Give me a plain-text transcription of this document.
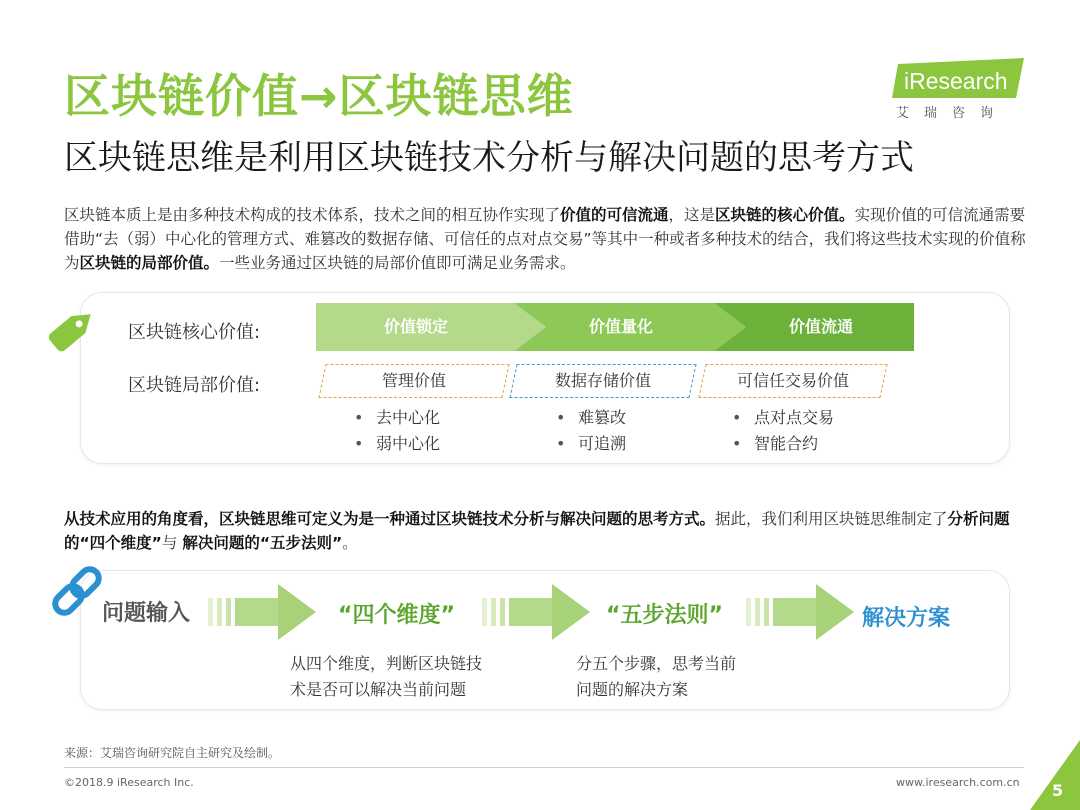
区块链价值→区块链思维
区块链思维是利用区块链技术分析与解决问题的思考方式
iResearch
艾瑞咨询
区块链本质上是由多种技术构成的技术体系，技术之间的相互协作实现了价值的可信流通，这是区块链的核心价值。实现价值的可信流通需要借助“去（弱）中心化的管理方式、难篡改的数据存储、可信任的点对点交易”等其中一种或者多种技术的结合，我们将这些技术实现的价值称为区块链的局部价值。一些业务通过区块链的局部价值即可满足业务需求。
区块链核心价值:
区块链局部价值:
价值锁定	价值量化	价值流通
管理价值	数据存储价值	可信任交易价值
• 去中心化
• 弱中心化
• 难篡改
• 可追溯
• 点对点交易
• 智能合约
从技术应用的角度看，区块链思维可定义为是一种通过区块链技术分析与解决问题的思考方式。据此，我们利用区块链思维制定了分析问题的“四个维度”与 解决问题的“五步法则”。
问题输入	“四个维度”	“五步法则”	解决方案
从四个维度，判断区块链技
术是否可以解决当前问题
分五个步骤，思考当前
问题的解决方案
来源：艾瑞咨询研究院自主研究及绘制。
©2018.9 iResearch Inc.	www.iresearch.com.cn 5
